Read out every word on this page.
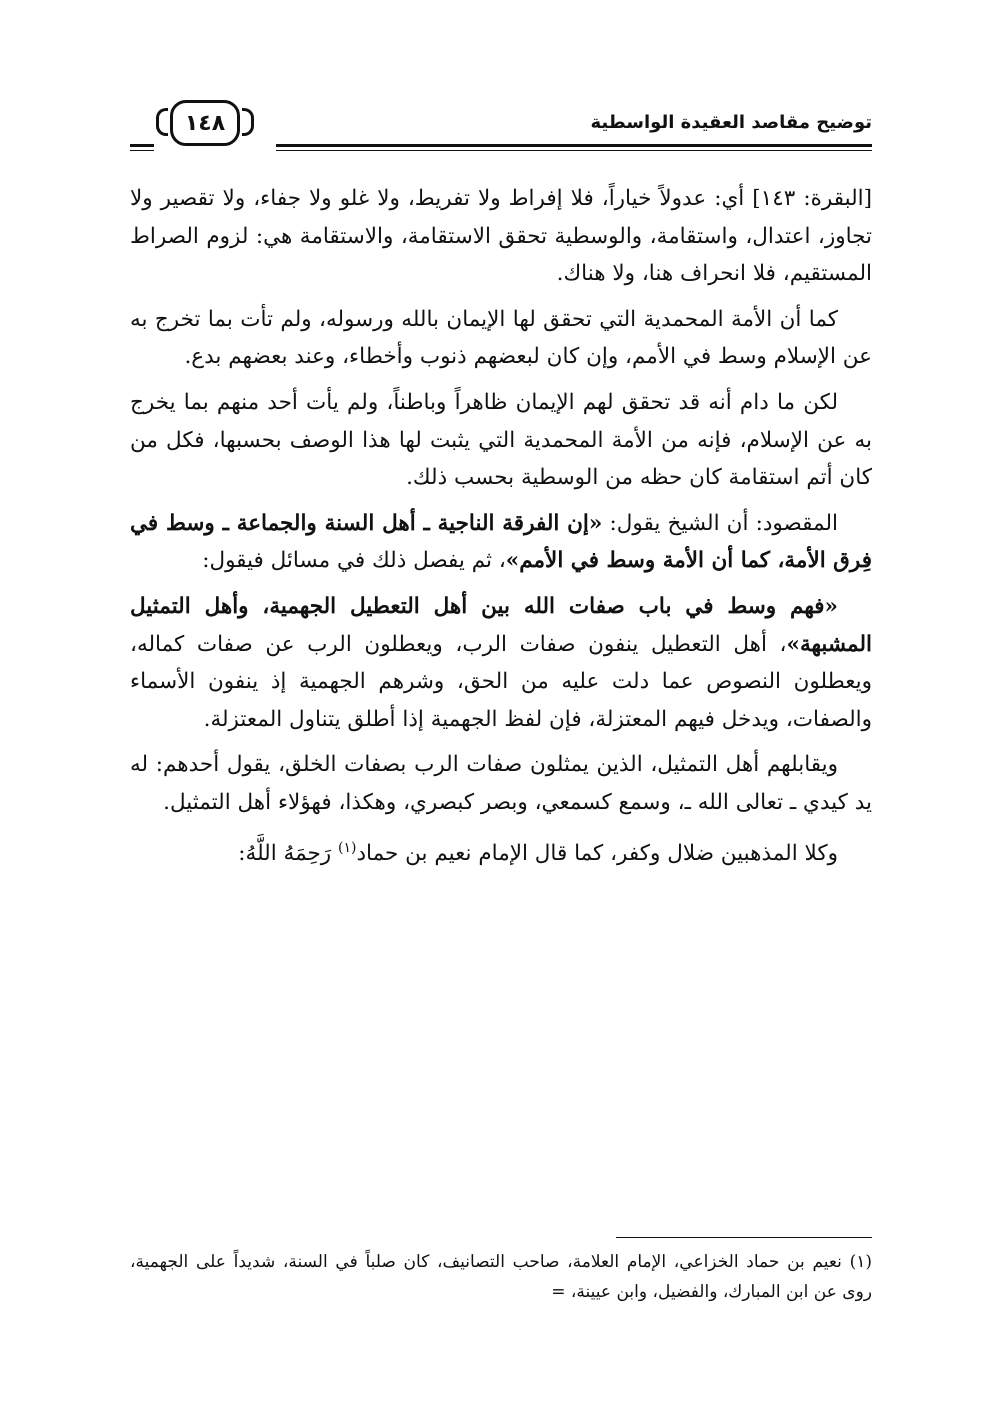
توضيح مقاصد العقيدة الواسطية
١٤٨

[البقرة: ١٤٣] أي: عدولاً خياراً، فلا إفراط ولا تفريط، ولا غلو ولا جفاء، ولا تقصير ولا تجاوز، اعتدال، واستقامة، والوسطية تحقق الاستقامة، والاستقامة هي: لزوم الصراط المستقيم، فلا انحراف هنا، ولا هناك.

كما أن الأمة المحمدية التي تحقق لها الإيمان بالله ورسوله، ولم تأت بما تخرج به عن الإسلام وسط في الأمم، وإن كان لبعضهم ذنوب وأخطاء، وعند بعضهم بدع.

لكن ما دام أنه قد تحقق لهم الإيمان ظاهراً وباطناً، ولم يأت أحد منهم بما يخرج به عن الإسلام، فإنه من الأمة المحمدية التي يثبت لها هذا الوصف بحسبها، فكل من كان أتم استقامة كان حظه من الوسطية بحسب ذلك.

المقصود: أن الشيخ يقول: «إن الفرقة الناجية ـ أهل السنة والجماعة ـ وسط في فِرق الأمة، كما أن الأمة وسط في الأمم»، ثم يفصل ذلك في مسائل فيقول:

«فهم وسط في باب صفات الله بين أهل التعطيل الجهمية، وأهل التمثيل المشبهة»، أهل التعطيل ينفون صفات الرب، ويعطلون الرب عن صفات كماله، ويعطلون النصوص عما دلت عليه من الحق، وشرهم الجهمية إذ ينفون الأسماء والصفات، ويدخل فيهم المعتزلة، فإن لفظ الجهمية إذا أطلق يتناول المعتزلة.

ويقابلهم أهل التمثيل، الذين يمثلون صفات الرب بصفات الخلق، يقول أحدهم: له يد كيدي ـ تعالى الله ـ، وسمع كسمعي، وبصر كبصري، وهكذا، فهؤلاء أهل التمثيل.

وكلا المذهبين ضلال وكفر، كما قال الإمام نعيم بن حماد$^{(١)}$ رَحِمَهُ اللَّهُ:

(١) نعيم بن حماد الخزاعي، الإمام العلامة، صاحب التصانيف، كان صلباً في السنة، شديداً على الجهمية، روى عن ابن المبارك، والفضيل، وابن عيينة، =
